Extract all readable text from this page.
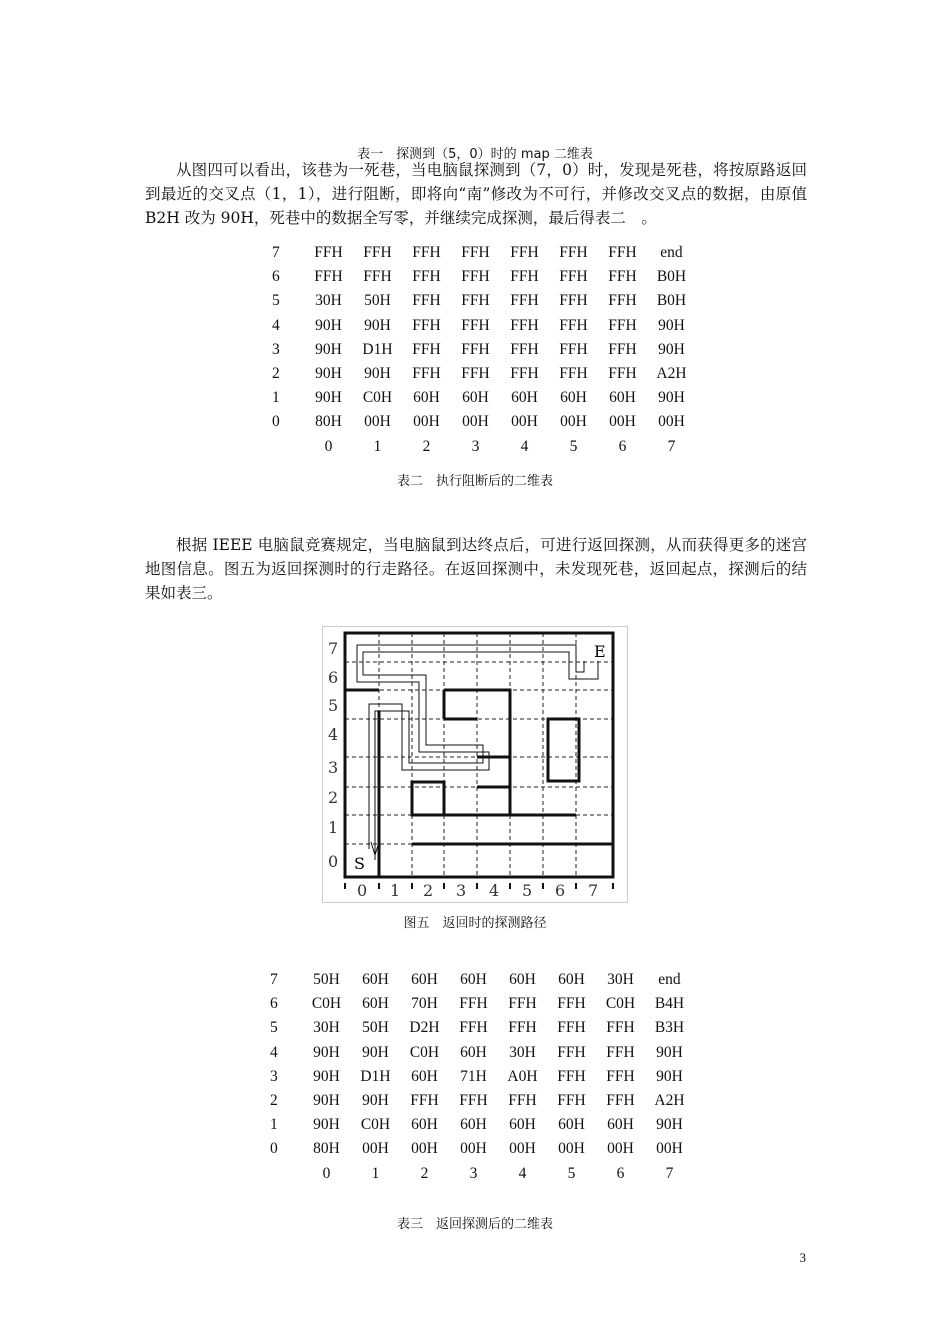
表一　探测到（5，0）时的 map 二维表

从图四可以看出，该巷为一死巷，当电脑鼠探测到（7，0）时，发现是死巷，将按原路返回到最近的交叉点（1，1），进行阻断，即将向“南”修改为不可行，并修改交叉点的数据，由原值 B2H 改为 90H，死巷中的数据全写零，并继续完成探测，最后得表二　。

7	FFH	FFH	FFH	FFH	FFH	FFH	FFH	end
6	FFH	FFH	FFH	FFH	FFH	FFH	FFH	B0H
5	30H	50H	FFH	FFH	FFH	FFH	FFH	B0H
4	90H	90H	FFH	FFH	FFH	FFH	FFH	90H
3	90H	D1H	FFH	FFH	FFH	FFH	FFH	90H
2	90H	90H	FFH	FFH	FFH	FFH	FFH	A2H
1	90H	C0H	60H	60H	60H	60H	60H	90H
0	80H	00H	00H	00H	00H	00H	00H	00H
	0	1	2	3	4	5	6	7
表二　执行阻断后的二维表

根据 IEEE 电脑鼠竞赛规定，当电脑鼠到达终点后，可进行返回探测，从而获得更多的迷宫地图信息。图五为返回探测时的行走路径。在返回探测中，未发现死巷，返回起点，探测后的结果如表三。

E
S
7
6
5
4
3
2
1
0
0 1 2 3 4 5 6 7
图五　返回时的探测路径
7	50H	60H	60H	60H	60H	60H	30H	end
6	C0H	60H	70H	FFH	FFH	FFH	C0H	B4H
5	30H	50H	D2H	FFH	FFH	FFH	FFH	B3H
4	90H	90H	C0H	60H	30H	FFH	FFH	90H
3	90H	D1H	60H	71H	A0H	FFH	FFH	90H
2	90H	90H	FFH	FFH	FFH	FFH	FFH	A2H
1	90H	C0H	60H	60H	60H	60H	60H	90H
0	80H	00H	00H	00H	00H	00H	00H	00H
	0	1	2	3	4	5	6	7
表三　返回探测后的二维表
3
